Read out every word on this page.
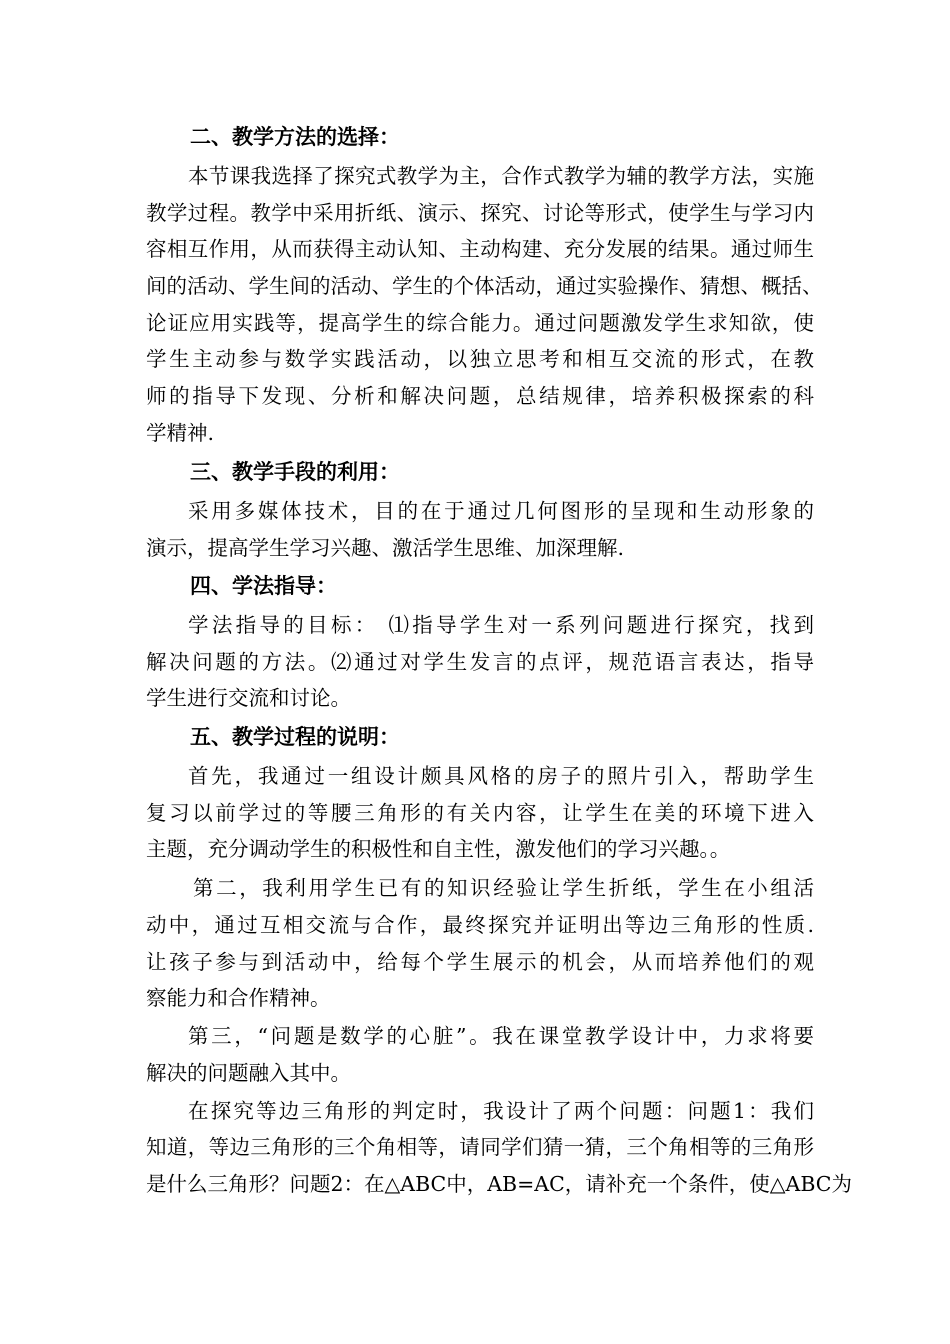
二、教学方法的选择：
本节课我选择了探究式教学为主，合作式教学为辅的教学方法，实施
教学过程。教学中采用折纸、演示、探究、讨论等形式，使学生与学习内
容相互作用，从而获得主动认知、主动构建、充分发展的结果。通过师生
间的活动、学生间的活动、学生的个体活动，通过实验操作、猜想、概括、
论证应用实践等，提高学生的综合能力。通过问题激发学生求知欲，使
学生主动参与数学实践活动，以独立思考和相互交流的形式，在教
师的指导下发现、分析和解决问题，总结规律，培养积极探索的科
学精神.
三、教学手段的利用：
采用多媒体技术，目的在于通过几何图形的呈现和生动形象的
演示，提高学生学习兴趣、激活学生思维、加深理解.
四、学法指导：
学法指导的目标： ⑴指导学生对一系列问题进行探究，找到
解决问题的方法。⑵通过对学生发言的点评，规范语言表达，指导
学生进行交流和讨论。
五、教学过程的说明：
首先，我通过一组设计颇具风格的房子的照片引入，帮助学生
复习以前学过的等腰三角形的有关内容，让学生在美的环境下进入
主题，充分调动学生的积极性和自主性，激发他们的学习兴趣。。
第二，我利用学生已有的知识经验让学生折纸，学生在小组活
动中，通过互相交流与合作，最终探究并证明出等边三角形的性质.
让孩子参与到活动中，给每个学生展示的机会，从而培养他们的观
察能力和合作精神。
第三，“问题是数学的心脏”。我在课堂教学设计中，力求将要
解决的问题融入其中。
在探究等边三角形的判定时，我设计了两个问题：问题1：我们
知道，等边三角形的三个角相等，请同学们猜一猜，三个角相等的三角形
是什么三角形？问题2：在△ABC中，AB=AC，请补充一个条件，使△ABC为
